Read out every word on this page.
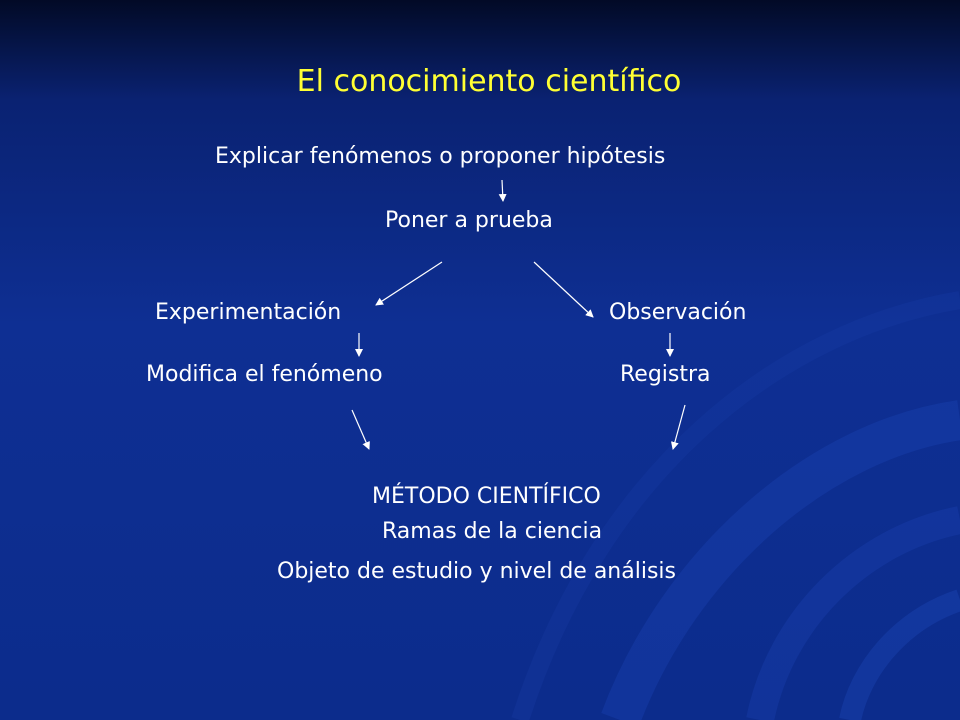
El conocimiento científico
Explicar fenómenos o proponer hipótesis
Poner a prueba
Experimentación	Observación
Modifica el fenómeno	Registra
MÉTODO CIENTÍFICO
Ramas de la ciencia
Objeto de estudio y nivel de análisis
